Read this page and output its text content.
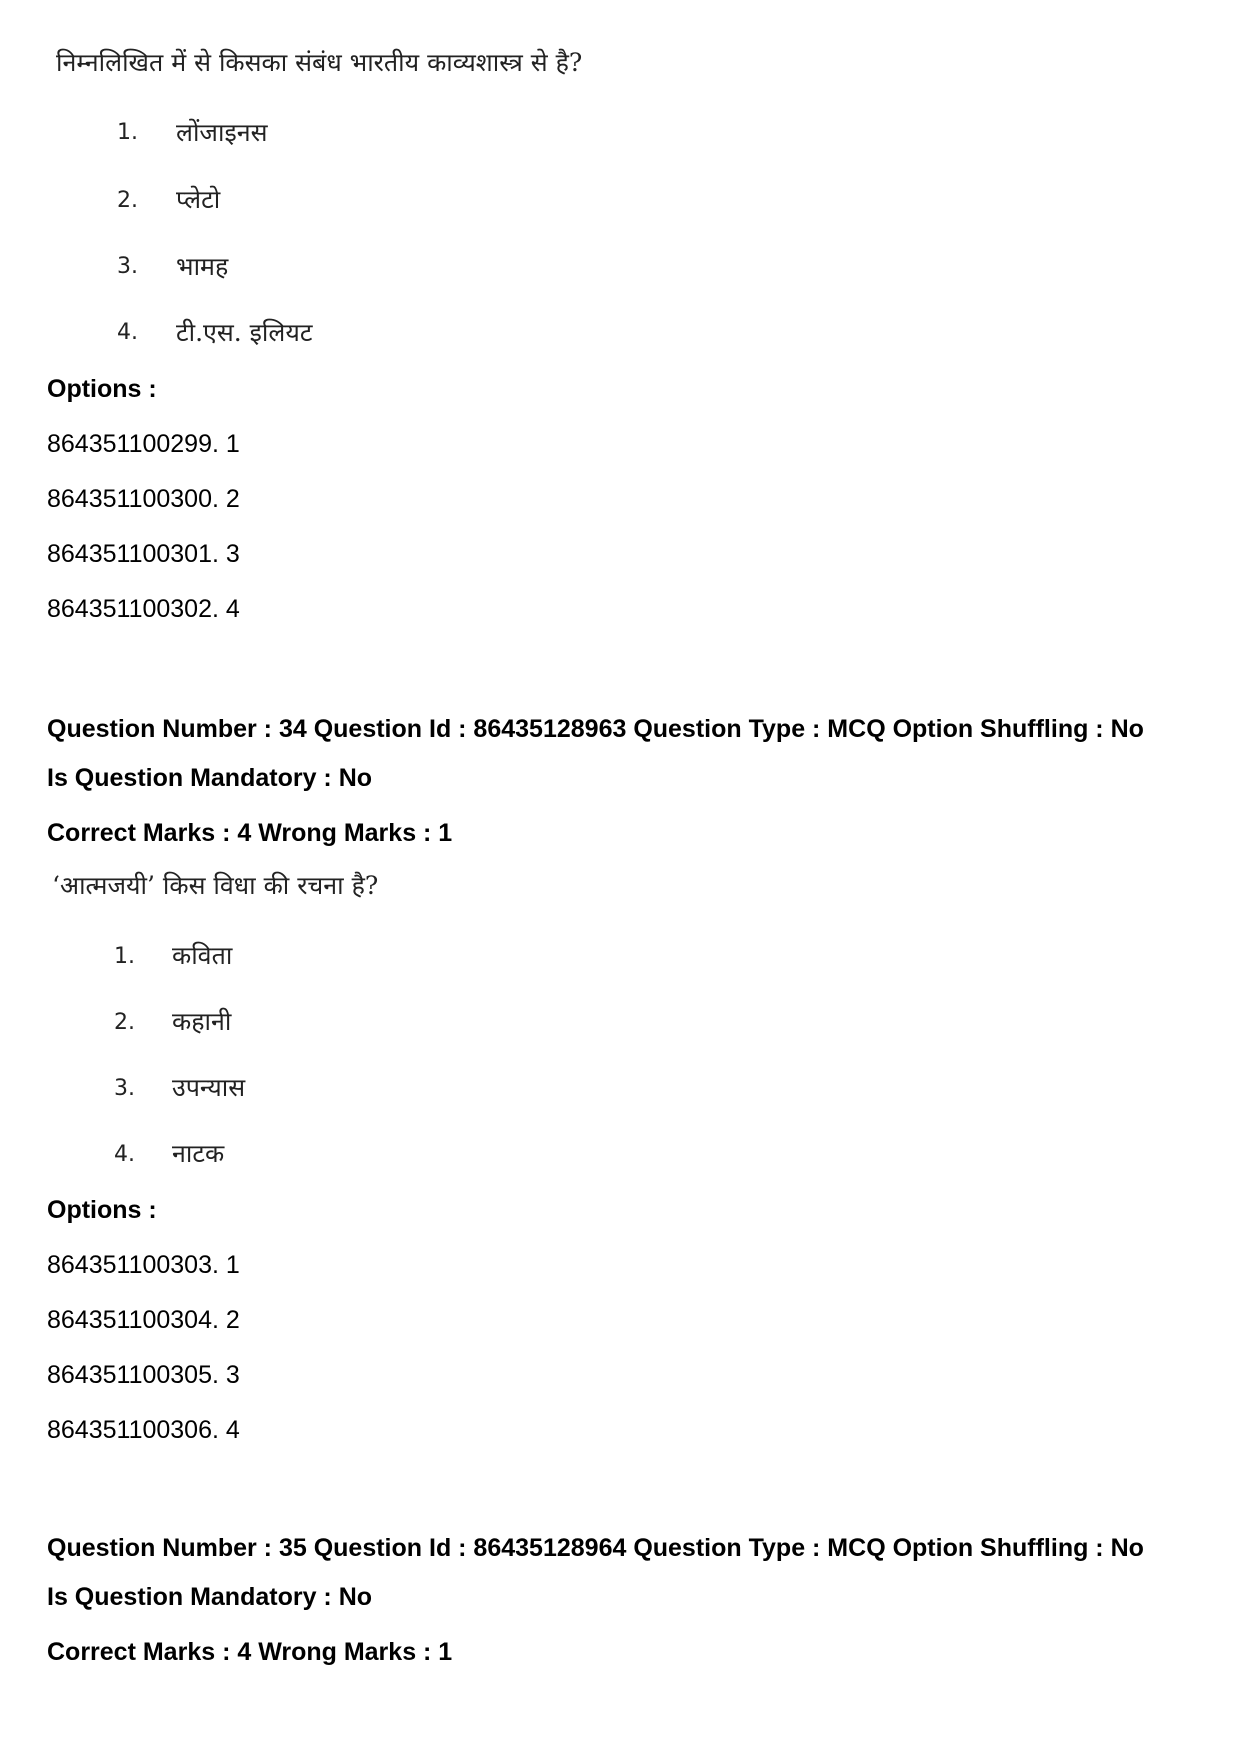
निम्नलिखित में से किसका संबंध भारतीय काव्यशास्त्र से है?
1. लोंजाइनस
2. प्लेटो
3. भामह
4. टी.एस. इलियट
Options :
864351100299. 1
864351100300. 2
864351100301. 3
864351100302. 4
Question Number : 34 Question Id : 86435128963 Question Type : MCQ Option Shuffling : No
Is Question Mandatory : No
Correct Marks : 4 Wrong Marks : 1
‘आत्मजयी’ किस विधा की रचना है?
1. कविता
2. कहानी
3. उपन्यास
4. नाटक
Options :
864351100303. 1
864351100304. 2
864351100305. 3
864351100306. 4
Question Number : 35 Question Id : 86435128964 Question Type : MCQ Option Shuffling : No
Is Question Mandatory : No
Correct Marks : 4 Wrong Marks : 1
